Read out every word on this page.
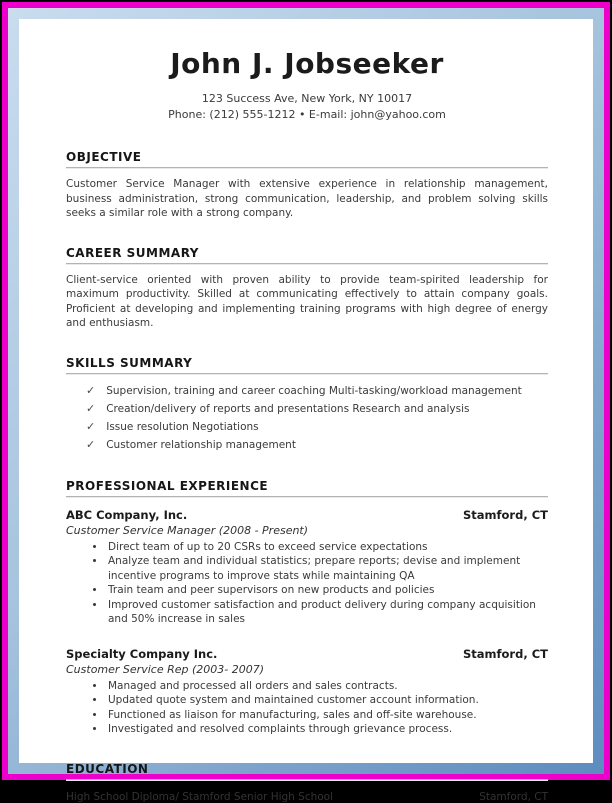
John J. Jobseeker
123 Success Ave, New York, NY 10017
Phone: (212) 555-1212 • E-mail: john@yahoo.com
OBJECTIVE

Customer Service Manager with extensive experience in relationship management, business administration, strong communication, leadership, and problem solving skills seeks a similar role with a strong company.

CAREER SUMMARY

Client-service oriented with proven ability to provide team-spirited leadership for maximum productivity. Skilled at communicating effectively to attain company goals. Proficient at developing and implementing training programs with high degree of energy and enthusiasm.

SKILLS SUMMARY
✓ Supervision, training and career coaching Multi-tasking/workload management
✓ Creation/delivery of reports and presentations Research and analysis
✓ Issue resolution Negotiations
✓ Customer relationship management
PROFESSIONAL EXPERIENCE
ABC Company, Inc.	Stamford, CT
Customer Service Manager (2008 - Present)
• Direct team of up to 20 CSRs to exceed service expectations
• Analyze team and individual statistics; prepare reports; devise and implement incentive programs to improve stats while maintaining QA
• Train team and peer supervisors on new products and policies
• Improved customer satisfaction and product delivery during company acquisition and 50% increase in sales
Specialty Company Inc.	Stamford, CT
Customer Service Rep (2003- 2007)
• Managed and processed all orders and sales contracts.
• Updated quote system and maintained customer account information.
• Functioned as liaison for manufacturing, sales and off-site warehouse.
• Investigated and resolved complaints through grievance process.
EDUCATION
High School Diploma/ Stamford Senior High School	Stamford, CT
